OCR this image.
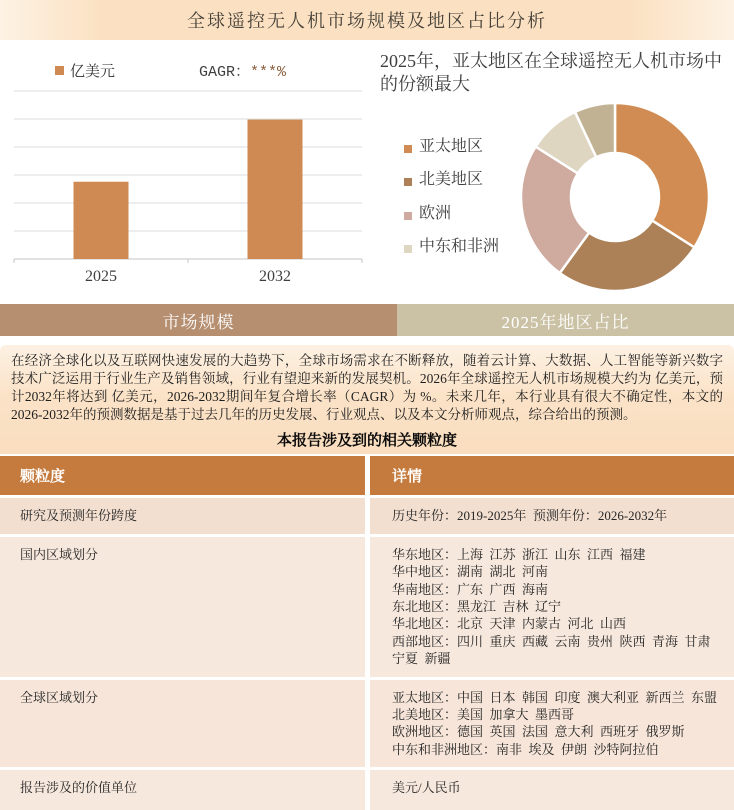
全球遥控无人机市场规模及地区占比分析
亿美元	GAGR：***%
2025	2032
2025年，亚太地区在全球遥控无人机市场中的份额最大
亚太地区
北美地区
欧洲
中东和非洲
市场规模	2025年地区占比
在经济全球化以及互联网快速发展的大趋势下，全球市场需求在不断释放，随着云计算、大数据、人工智能等新兴数字技术广泛运用于行业生产及销售领域，行业有望迎来新的发展契机。2026年全球遥控无人机市场规模大约为 亿美元，预计2032年将达到 亿美元，2026-2032期间年复合增长率（CAGR）为 %。未来几年，本行业具有很大不确定性，本文的2026-2032年的预测数据是基于过去几年的历史发展、行业观点、以及本文分析师观点，综合给出的预测。
本报告涉及到的相关颗粒度
颗粒度	详情
研究及预测年份跨度	历史年份：2019-2025年  预测年份：2026-2032年
国内区域划分	华东地区：上海  江苏  浙江  山东  江西  福建
华中地区：湖南  湖北  河南
华南地区：广东  广西  海南
东北地区：黑龙江  吉林  辽宁
华北地区：北京  天津  内蒙古  河北  山西
西部地区：四川  重庆  西藏  云南  贵州  陕西  青海  甘肃  宁夏  新疆
全球区域划分	亚太地区：中国  日本  韩国  印度  澳大利亚  新西兰  东盟
北美地区：美国  加拿大  墨西哥
欧洲地区：德国  英国  法国  意大利  西班牙  俄罗斯
中东和非洲地区：南非  埃及  伊朗  沙特阿拉伯
报告涉及的价值单位	美元/人民币
